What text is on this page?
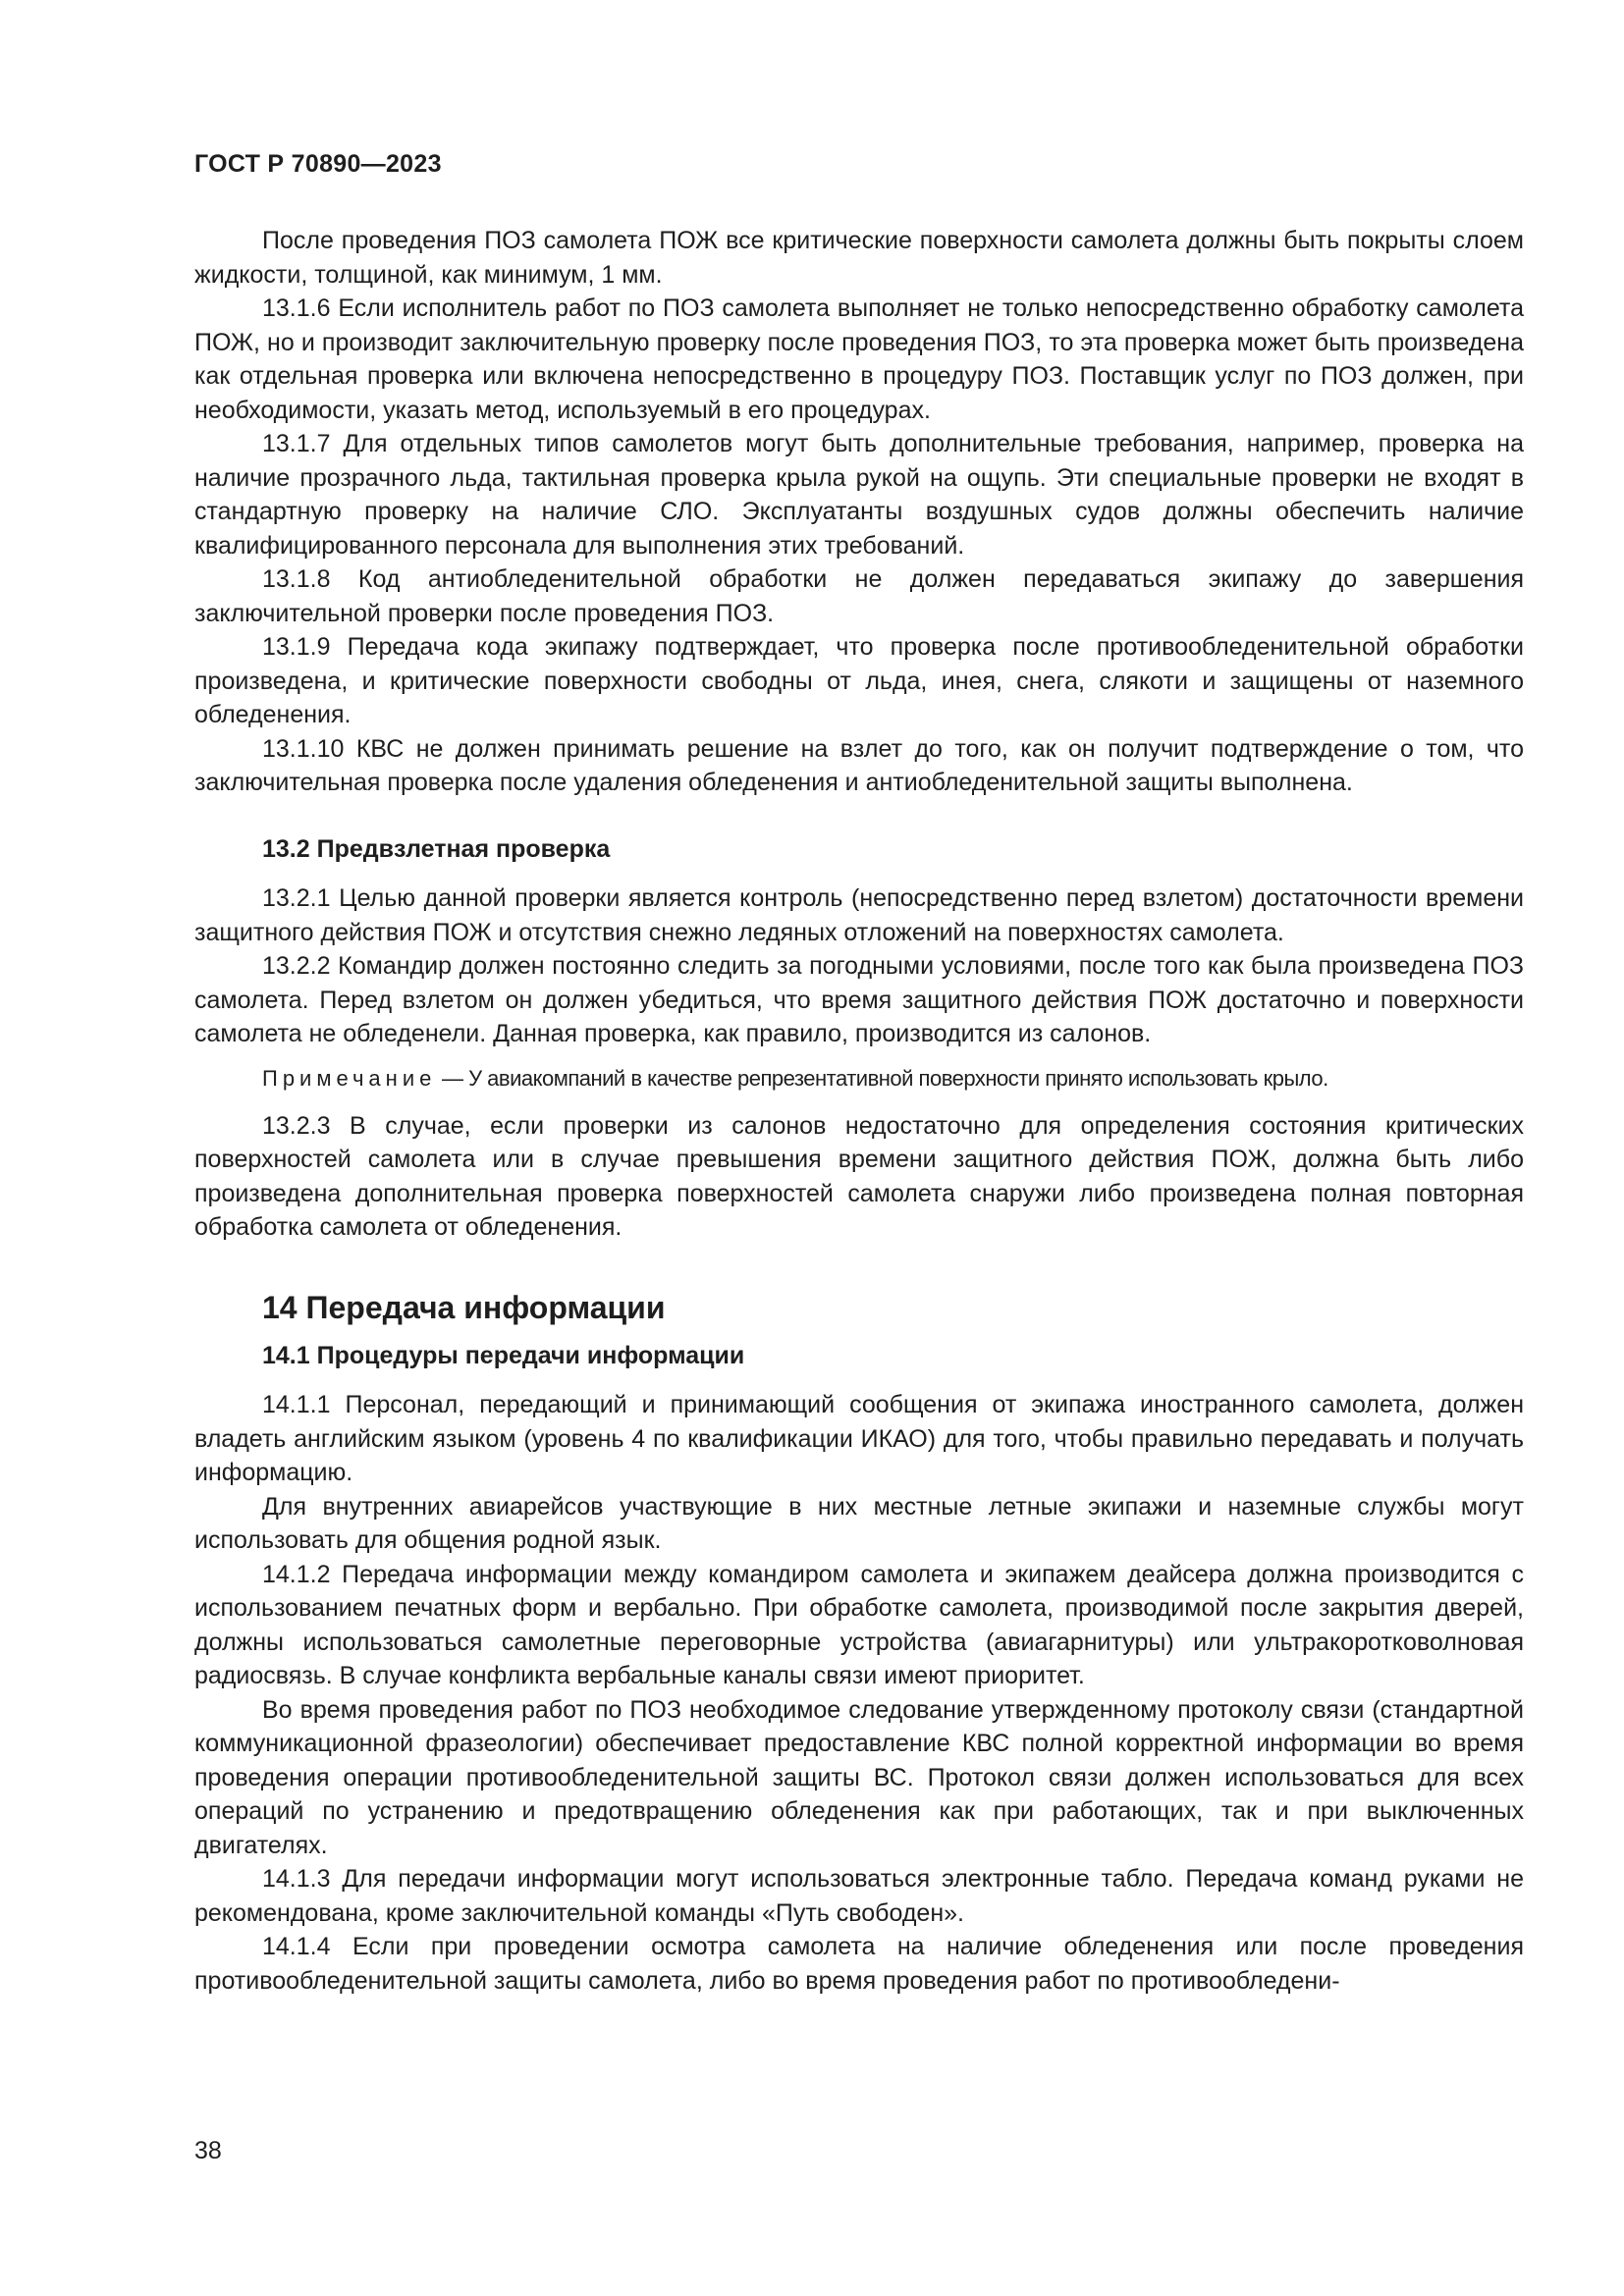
ГОСТ Р 70890—2023

После проведения ПОЗ самолета ПОЖ все критические поверхности самолета должны быть покрыты слоем жидкости, толщиной, как минимум, 1 мм.

13.1.6 Если исполнитель работ по ПОЗ самолета выполняет не только непосредственно обработку самолета ПОЖ, но и производит заключительную проверку после проведения ПОЗ, то эта проверка может быть произведена как отдельная проверка или включена непосредственно в процедуру ПОЗ. Поставщик услуг по ПОЗ должен, при необходимости, указать метод, используемый в его процедурах.

13.1.7 Для отдельных типов самолетов могут быть дополнительные требования, например, проверка на наличие прозрачного льда, тактильная проверка крыла рукой на ощупь. Эти специальные проверки не входят в стандартную проверку на наличие СЛО. Эксплуатанты воздушных судов должны обеспечить наличие квалифицированного персонала для выполнения этих требований.

13.1.8 Код антиобледенительной обработки не должен передаваться экипажу до завершения заключительной проверки после проведения ПОЗ.

13.1.9 Передача кода экипажу подтверждает, что проверка после противообледенительной обработки произведена, и критические поверхности свободны от льда, инея, снега, слякоти и защищены от наземного обледенения.

13.1.10 КВС не должен принимать решение на взлет до того, как он получит подтверждение о том, что заключительная проверка после удаления обледенения и антиобледенительной защиты выполнена.

13.2 Предвзлетная проверка

13.2.1 Целью данной проверки является контроль (непосредственно перед взлетом) достаточности времени защитного действия ПОЖ и отсутствия снежно ледяных отложений на поверхностях самолета.

13.2.2 Командир должен постоянно следить за погодными условиями, после того как была произведена ПОЗ самолета. Перед взлетом он должен убедиться, что время защитного действия ПОЖ достаточно и поверхности самолета не обледенели. Данная проверка, как правило, производится из салонов.

Примечание — У авиакомпаний в качестве репрезентативной поверхности принято использовать крыло.

13.2.3 В случае, если проверки из салонов недостаточно для определения состояния критических поверхностей самолета или в случае превышения времени защитного действия ПОЖ, должна быть либо произведена дополнительная проверка поверхностей самолета снаружи либо произведена полная повторная обработка самолета от обледенения.

14 Передача информации
14.1 Процедуры передачи информации

14.1.1 Персонал, передающий и принимающий сообщения от экипажа иностранного самолета, должен владеть английским языком (уровень 4 по квалификации ИКАО) для того, чтобы правильно передавать и получать информацию.

Для внутренних авиарейсов участвующие в них местные летные экипажи и наземные службы могут использовать для общения родной язык.

14.1.2 Передача информации между командиром самолета и экипажем деайсера должна производится с использованием печатных форм и вербально. При обработке самолета, производимой после закрытия дверей, должны использоваться самолетные переговорные устройства (авиагарнитуры) или ультракоротковолновая радиосвязь. В случае конфликта вербальные каналы связи имеют приоритет.

Во время проведения работ по ПОЗ необходимое следование утвержденному протоколу связи (стандартной коммуникационной фразеологии) обеспечивает предоставление КВС полной корректной информации во время проведения операции противообледенительной защиты ВС. Протокол связи должен использоваться для всех операций по устранению и предотвращению обледенения как при работающих, так и при выключенных двигателях.

14.1.3 Для передачи информации могут использоваться электронные табло. Передача команд руками не рекомендована, кроме заключительной команды «Путь свободен».

14.1.4 Если при проведении осмотра самолета на наличие обледенения или после проведения противообледенительной защиты самолета, либо во время проведения работ по противообледени-

38
